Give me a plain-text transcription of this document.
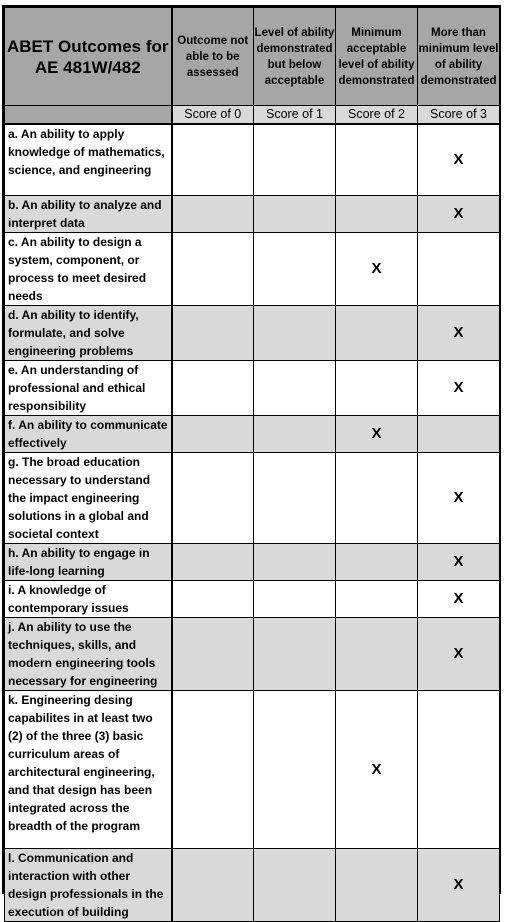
ABET Outcomes for AE 481W/482	Outcome not able to be assessed	Level of ability demonstrated but below acceptable	Minimum acceptable level of ability demonstrated	More than minimum level of ability demonstrated
	Score of 0	Score of 1	Score of 2	Score of 3
a. An ability to apply knowledge of mathematics, science, and engineering				X
b. An ability to analyze and interpret data				X
c. An ability to design a system, component, or process to meet desired needs			X	
d. An ability to identify, formulate, and solve engineering problems				X
e. An understanding of professional and ethical responsibility				X
f. An ability to communicate effectively			X	
g. The broad education necessary to understand the impact engineering solutions in a global and societal context				X
h. An ability to engage in life-long learning				X
i. A knowledge of contemporary issues				X
j. An ability to use the techniques, skills, and modern engineering tools necessary for engineering				X
k. Engineering desing capabilites in at least two (2) of the three (3) basic curriculum areas of architectural engineering, and that design has been integrated across the breadth of the program			X	
l. Communication and interaction with other design professionals in the execution of building				X
